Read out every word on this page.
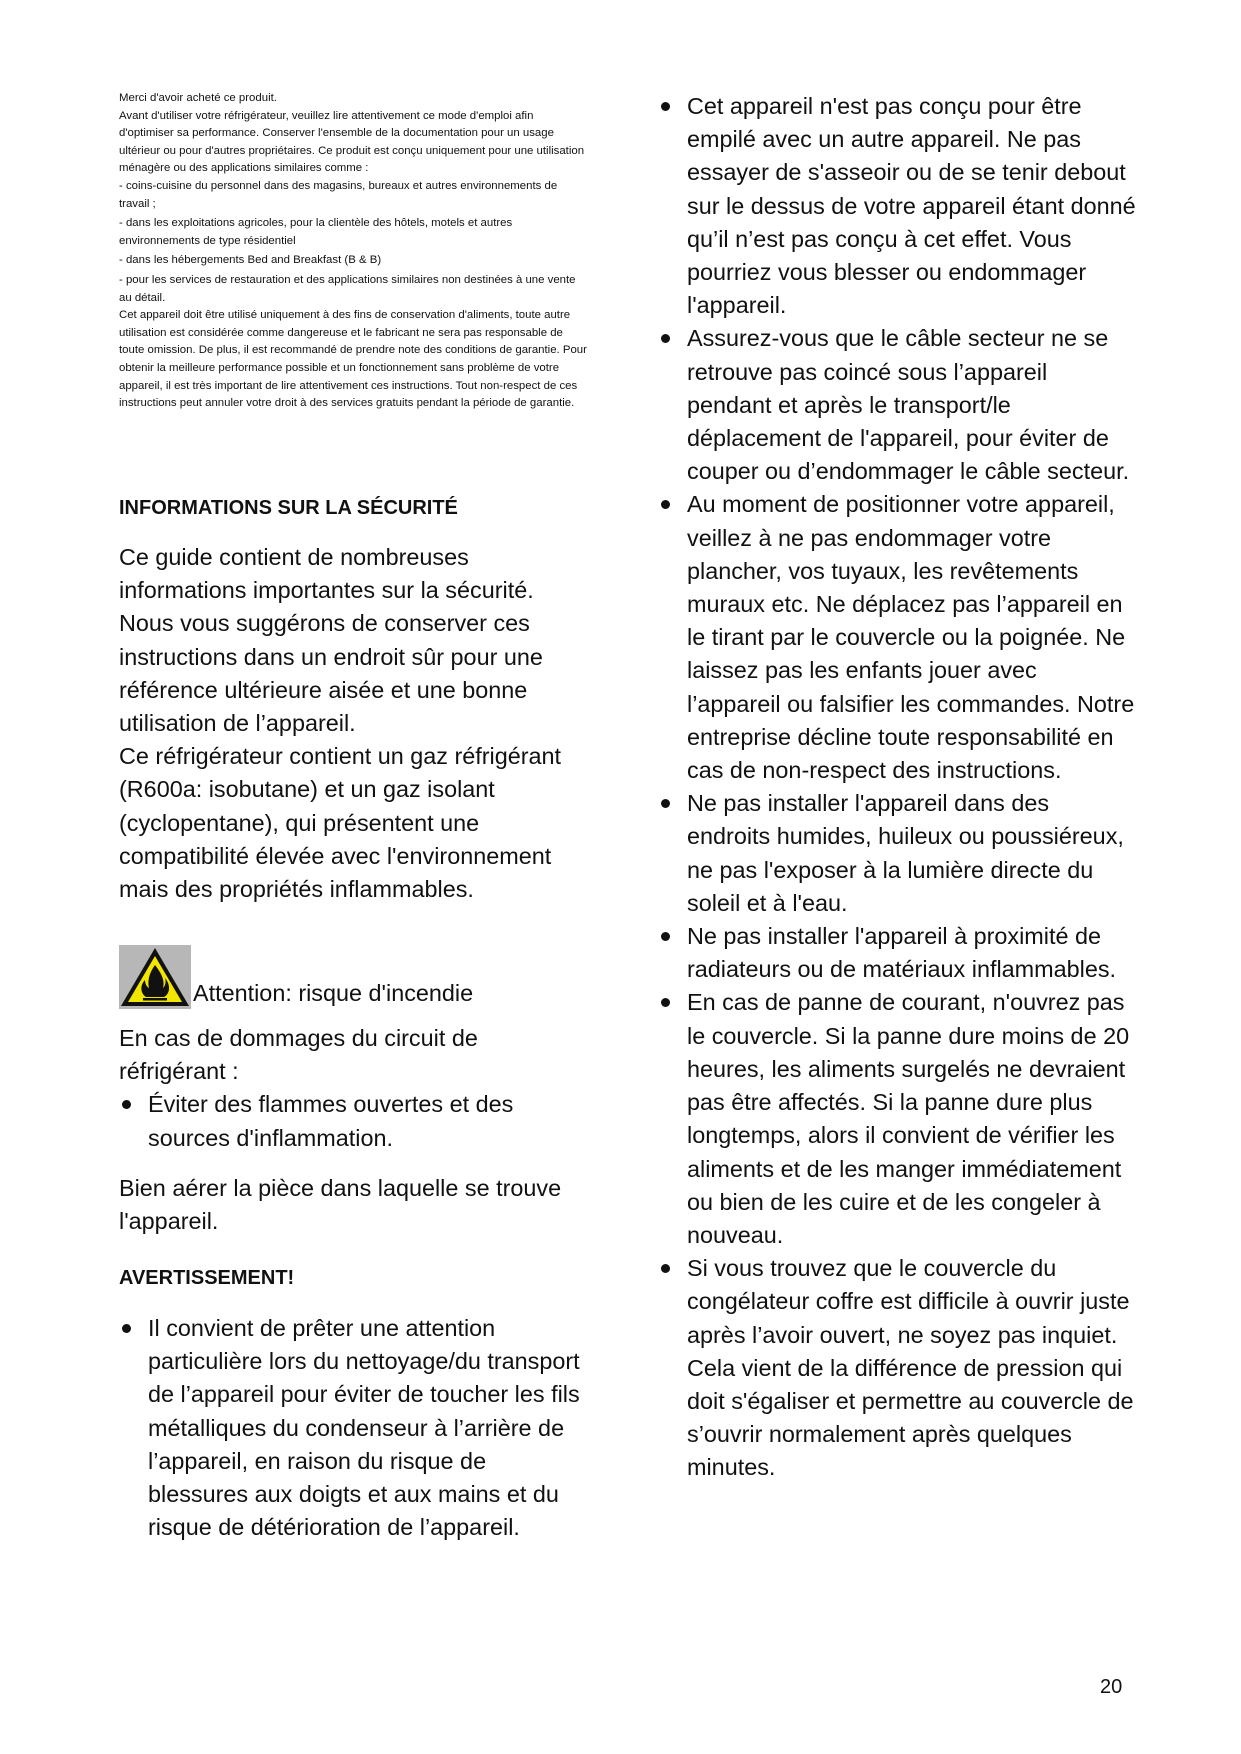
Merci d'avoir acheté ce produit.

Avant d'utiliser votre réfrigérateur, veuillez lire attentivement ce mode d'emploi afin d'optimiser sa performance. Conserver l'ensemble de la documentation pour un usage ultérieur ou pour d'autres propriétaires. Ce produit est conçu uniquement pour une utilisation ménagère ou des applications similaires comme :

- coins-cuisine du personnel dans des magasins, bureaux et autres environnements de travail ;

- dans les exploitations agricoles, pour la clientèle des hôtels, motels et autres environnements de type résidentiel

- dans les hébergements Bed and Breakfast (B & B)

- pour les services de restauration et des applications similaires non destinées à une vente au détail.

Cet appareil doit être utilisé uniquement à des fins de conservation d'aliments, toute autre utilisation est considérée comme dangereuse et le fabricant ne sera pas responsable de toute omission. De plus, il est recommandé de prendre note des conditions de garantie. Pour obtenir la meilleure performance possible et un fonctionnement sans problème de votre appareil, il est très important de lire attentivement ces instructions. Tout non-respect de ces instructions peut annuler votre droit à des services gratuits pendant la période de garantie.

INFORMATIONS SUR LA SÉCURITÉ

Ce guide contient de nombreuses informations importantes sur la sécurité. Nous vous suggérons de conserver ces instructions dans un endroit sûr pour une référence ultérieure aisée et une bonne utilisation de l’appareil.

Ce réfrigérateur contient un gaz réfrigérant (R600a: isobutane) et un gaz isolant (cyclopentane), qui présentent une compatibilité élevée avec l'environnement mais des propriétés inflammables.

Attention: risque d'incendie

En cas de dommages du circuit de réfrigérant :

Éviter des flammes ouvertes et des sources d'inflammation.

Bien aérer la pièce dans laquelle se trouve l'appareil.

AVERTISSEMENT!

Il convient de prêter une attention particulière lors du nettoyage/du transport de l’appareil pour éviter de toucher les fils métalliques du condenseur à l’arrière de l’appareil, en raison du risque de blessures aux doigts et aux mains et du risque de détérioration de l’appareil.
Cet appareil n'est pas conçu pour être empilé avec un autre appareil. Ne pas essayer de s'asseoir ou de se tenir debout sur le dessus de votre appareil étant donné qu’il n’est pas conçu à cet effet. Vous pourriez vous blesser ou endommager l'appareil.
Assurez-vous que le câble secteur ne se retrouve pas coincé sous l’appareil pendant et après le transport/le déplacement de l'appareil, pour éviter de couper ou d’endommager le câble secteur.
Au moment de positionner votre appareil, veillez à ne pas endommager votre plancher, vos tuyaux, les revêtements muraux etc. Ne déplacez pas l’appareil en le tirant par le couvercle ou la poignée. Ne laissez pas les enfants jouer avec l’appareil ou falsifier les commandes. Notre entreprise décline toute responsabilité en cas de non-respect des instructions.
Ne pas installer l'appareil dans des endroits humides, huileux ou poussiéreux, ne pas l'exposer à la lumière directe du soleil et à l'eau.
Ne pas installer l'appareil à proximité de radiateurs ou de matériaux inflammables.
En cas de panne de courant, n'ouvrez pas le couvercle. Si la panne dure moins de 20 heures, les aliments surgelés ne devraient pas être affectés. Si la panne dure plus longtemps, alors il convient de vérifier les aliments et de les manger immédiatement ou bien de les cuire et de les congeler à nouveau.
Si vous trouvez que le couvercle du congélateur coffre est difficile à ouvrir juste après l’avoir ouvert, ne soyez pas inquiet. Cela vient de la différence de pression qui doit s'égaliser et permettre au couvercle de s’ouvrir normalement après quelques minutes.
20
